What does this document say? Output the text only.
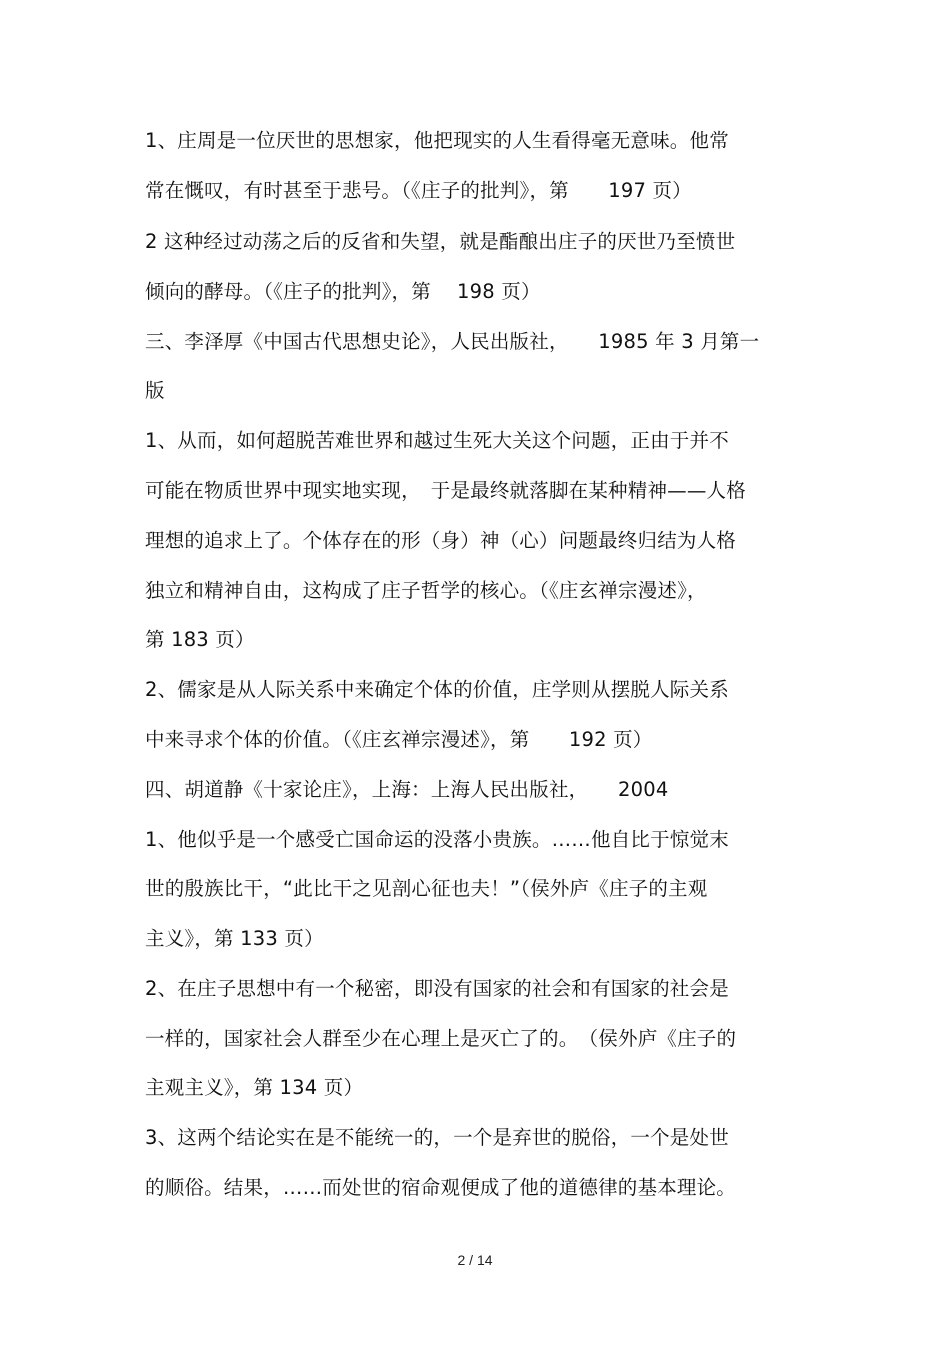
1、庄周是一位厌世的思想家，他把现实的人生看得毫无意味。他常
常在慨叹，有时甚至于悲号。（《庄子的批判》，第　　197 页）
2 这种经过动荡之后的反省和失望，就是酯酿出庄子的厌世乃至愤世
倾向的酵母。（《庄子的批判》，第　 198 页）
三、李泽厚《中国古代思想史论》，人民出版社，　　1985 年 3 月第一
版
1、从而，如何超脱苦难世界和越过生死大关这个问题，正由于并不
可能在物质世界中现实地实现，　于是最终就落脚在某种精神——人格
理想的追求上了。个体存在的形（身）神（心）问题最终归结为人格
独立和精神自由，这构成了庄子哲学的核心。（《庄玄禅宗漫述》，
第 183 页）
2、儒家是从人际关系中来确定个体的价值，庄学则从摆脱人际关系
中来寻求个体的价值。（《庄玄禅宗漫述》，第　　192 页）
四、胡道静《十家论庄》，上海：上海人民出版社，　　2004
1、他似乎是一个感受亡国命运的没落小贵族。……他自比于惊觉末
世的殷族比干，“此比干之见剖心征也夫！”（侯外庐《庄子的主观
主义》，第 133 页）
2、在庄子思想中有一个秘密，即没有国家的社会和有国家的社会是
一样的，国家社会人群至少在心理上是灭亡了的。　（侯外庐《庄子的
主观主义》，第 134 页）
3、这两个结论实在是不能统一的，一个是弃世的脱俗，一个是处世
的顺俗。结果，……而处世的宿命观便成了他的道德律的基本理论。
2 / 14
